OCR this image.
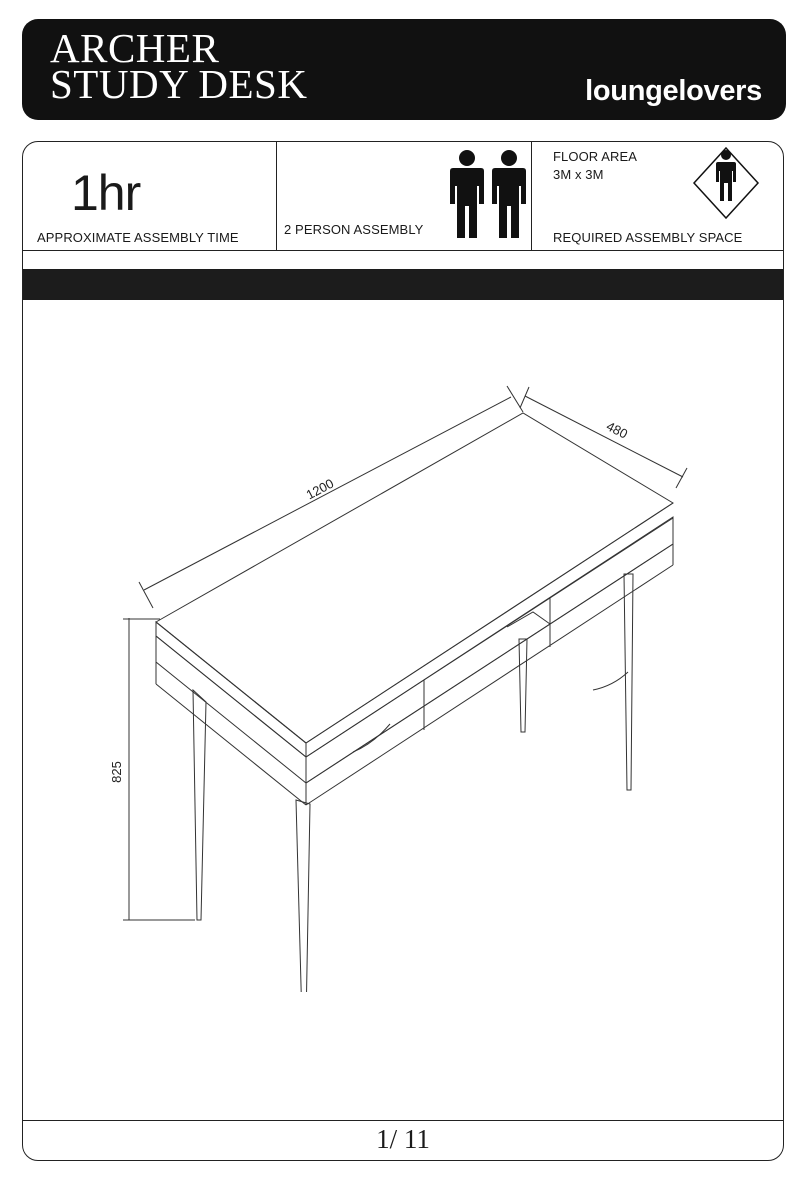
ARCHER
STUDY DESK	loungelovers
1hr
APPROXIMATE ASSEMBLY TIME
2 PERSON ASSEMBLY
FLOOR AREA
3M x 3M
REQUIRED ASSEMBLY SPACE
1200
480
825
1/ 11
